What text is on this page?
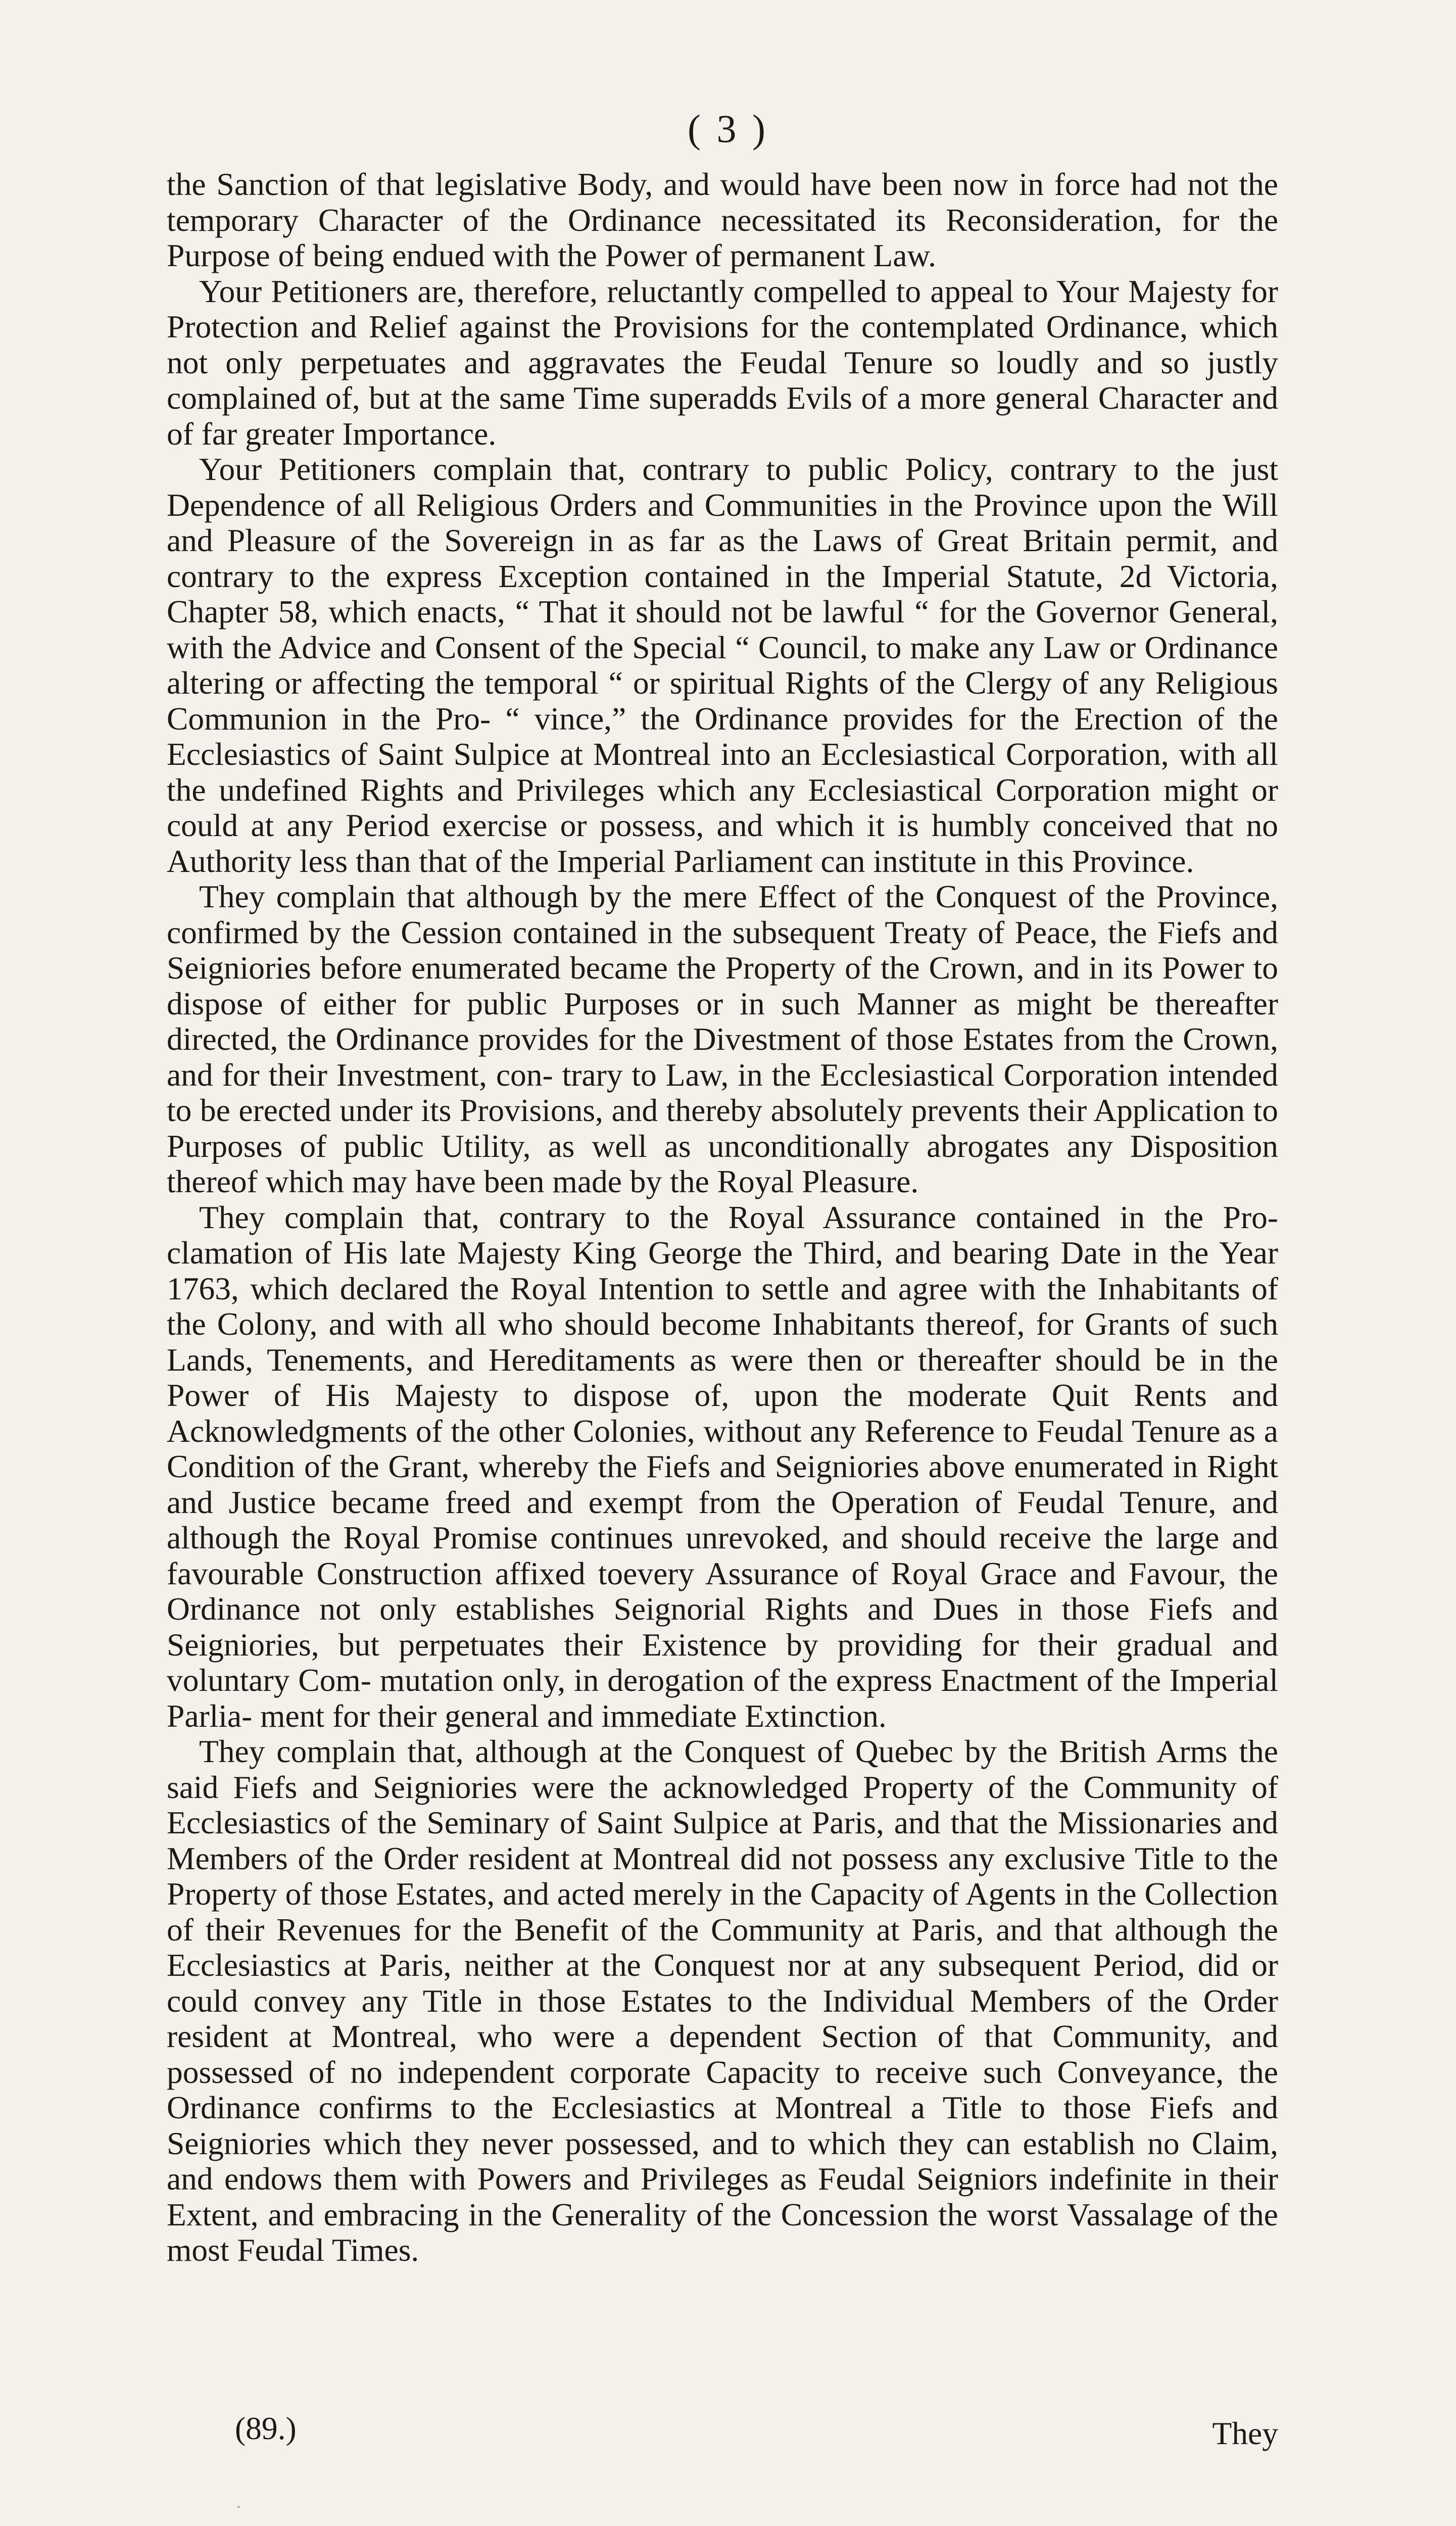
( 3 )

the Sanction of that legislative Body, and would have been now in force had not the temporary Character of the Ordinance necessitated its Reconsideration, for the Purpose of being endued with the Power of permanent Law.

Your Petitioners are, therefore, reluctantly compelled to appeal to Your Majesty for Protection and Relief against the Provisions for the contemplated Ordinance, which not only perpetuates and aggravates the Feudal Tenure so loudly and so justly complained of, but at the same Time superadds Evils of a more general Character and of far greater Importance.

Your Petitioners complain that, contrary to public Policy, contrary to the just Dependence of all Religious Orders and Communities in the Province upon the Will and Pleasure of the Sovereign in as far as the Laws of Great Britain permit, and contrary to the express Exception contained in the Imperial Statute, 2d Victoria, Chapter 58, which enacts, “ That it should not be lawful “ for the Governor General, with the Advice and Consent of the Special “ Council, to make any Law or Ordinance altering or affecting the temporal “ or spiritual Rights of the Clergy of any Religious Communion in the Pro- “ vince,” the Ordinance provides for the Erection of the Ecclesiastics of Saint Sulpice at Montreal into an Ecclesiastical Corporation, with all the undefined Rights and Privileges which any Ecclesiastical Corporation might or could at any Period exercise or possess, and which it is humbly conceived that no Authority less than that of the Imperial Parliament can institute in this Province.

They complain that although by the mere Effect of the Conquest of the Province, confirmed by the Cession contained in the subsequent Treaty of Peace, the Fiefs and Seigniories before enumerated became the Property of the Crown, and in its Power to dispose of either for public Purposes or in such Manner as might be thereafter directed, the Ordinance provides for the Divestment of those Estates from the Crown, and for their Investment, con- trary to Law, in the Ecclesiastical Corporation intended to be erected under its Provisions, and thereby absolutely prevents their Application to Purposes of public Utility, as well as unconditionally abrogates any Disposition thereof which may have been made by the Royal Pleasure.

They complain that, contrary to the Royal Assurance contained in the Pro- clamation of His late Majesty King George the Third, and bearing Date in the Year 1763, which declared the Royal Intention to settle and agree with the Inhabitants of the Colony, and with all who should become Inhabitants thereof, for Grants of such Lands, Tenements, and Hereditaments as were then or thereafter should be in the Power of His Majesty to dispose of, upon the moderate Quit Rents and Acknowledgments of the other Colonies, without any Reference to Feudal Tenure as a Condition of the Grant, whereby the Fiefs and Seigniories above enumerated in Right and Justice became freed and exempt from the Operation of Feudal Tenure, and although the Royal Promise continues unrevoked, and should receive the large and favourable Construction affixed toevery Assurance of Royal Grace and Favour, the Ordinance not only establishes Seignorial Rights and Dues in those Fiefs and Seigniories, but perpetuates their Existence by providing for their gradual and voluntary Com- mutation only, in derogation of the express Enactment of the Imperial Parlia- ment for their general and immediate Extinction.

They complain that, although at the Conquest of Quebec by the British Arms the said Fiefs and Seigniories were the acknowledged Property of the Community of Ecclesiastics of the Seminary of Saint Sulpice at Paris, and that the Missionaries and Members of the Order resident at Montreal did not possess any exclusive Title to the Property of those Estates, and acted merely in the Capacity of Agents in the Collection of their Revenues for the Benefit of the Community at Paris, and that although the Ecclesiastics at Paris, neither at the Conquest nor at any subsequent Period, did or could convey any Title in those Estates to the Individual Members of the Order resident at Montreal, who were a dependent Section of that Community, and possessed of no independent corporate Capacity to receive such Conveyance, the Ordinance confirms to the Ecclesiastics at Montreal a Title to those Fiefs and Seigniories which they never possessed, and to which they can establish no Claim, and endows them with Powers and Privileges as Feudal Seigniors indefinite in their Extent, and embracing in the Generality of the Concession the worst Vassalage of the most Feudal Times.

(89.)	They
